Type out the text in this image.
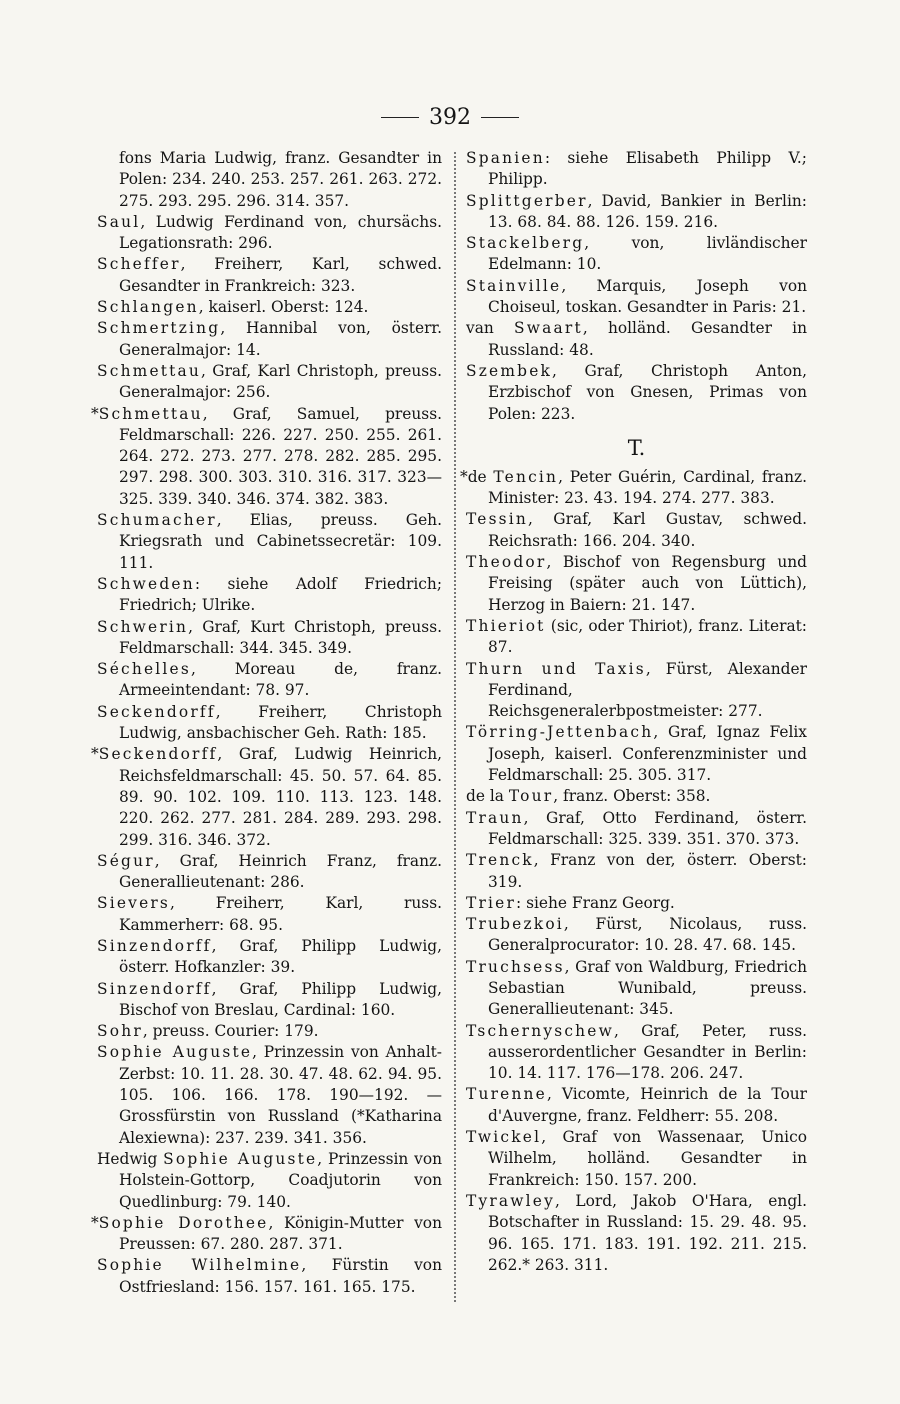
392

fons Maria Ludwig, franz. Gesandter in Polen: 234. 240. 253. 257. 261. 263. 272. 275. 293. 295. 296. 314. 357.

Saul, Ludwig Ferdinand von, chursächs. Legationsrath: 296.

Scheffer, Freiherr, Karl, schwed. Gesandter in Frankreich: 323.

Schlangen, kaiserl. Oberst: 124.

Schmertzing, Hannibal von, österr. Generalmajor: 14.

Schmettau, Graf, Karl Christoph, preuss. Generalmajor: 256.

*Schmettau, Graf, Samuel, preuss. Feldmarschall: 226. 227. 250. 255. 261. 264. 272. 273. 277. 278. 282. 285. 295. 297. 298. 300. 303. 310. 316. 317. 323—325. 339. 340. 346. 374. 382. 383.

Schumacher, Elias, preuss. Geh. Kriegsrath und Cabinetssecretär: 109. 111.

Schweden: siehe Adolf Friedrich; Friedrich; Ulrike.

Schwerin, Graf, Kurt Christoph, preuss. Feldmarschall: 344. 345. 349.

Séchelles, Moreau de, franz. Armeeintendant: 78. 97.

Seckendorff, Freiherr, Christoph Ludwig, ansbachischer Geh. Rath: 185.

*Seckendorff, Graf, Ludwig Heinrich, Reichsfeldmarschall: 45. 50. 57. 64. 85. 89. 90. 102. 109. 110. 113. 123. 148. 220. 262. 277. 281. 284. 289. 293. 298. 299. 316. 346. 372.

Ségur, Graf, Heinrich Franz, franz. Generallieutenant: 286.

Sievers, Freiherr, Karl, russ. Kammerherr: 68. 95.

Sinzendorff, Graf, Philipp Ludwig, österr. Hofkanzler: 39.

Sinzendorff, Graf, Philipp Ludwig, Bischof von Breslau, Cardinal: 160.

Sohr, preuss. Courier: 179.

Sophie Auguste, Prinzessin von Anhalt-Zerbst: 10. 11. 28. 30. 47. 48. 62. 94. 95. 105. 106. 166. 178. 190—192. — Grossfürstin von Russland (*Katharina Alexiewna): 237. 239. 341. 356.

Hedwig Sophie Auguste, Prinzessin von Holstein-Gottorp, Coadjutorin von Quedlinburg: 79. 140.

*Sophie Dorothee, Königin-Mutter von Preussen: 67. 280. 287. 371.

Sophie Wilhelmine, Fürstin von Ostfriesland: 156. 157. 161. 165. 175.

Spanien: siehe Elisabeth Philipp V.; Philipp.

Splittgerber, David, Bankier in Berlin: 13. 68. 84. 88. 126. 159. 216.

Stackelberg, von, livländischer Edelmann: 10.

Stainville, Marquis, Joseph von Choiseul, toskan. Gesandter in Paris: 21.

van Swaart, holländ. Gesandter in Russland: 48.

Szembek, Graf, Christoph Anton, Erzbischof von Gnesen, Primas von Polen: 223.

T.

*de Tencin, Peter Guérin, Cardinal, franz. Minister: 23. 43. 194. 274. 277. 383.

Tessin, Graf, Karl Gustav, schwed. Reichsrath: 166. 204. 340.

Theodor, Bischof von Regensburg und Freising (später auch von Lüttich), Herzog in Baiern: 21. 147.

Thieriot (sic, oder Thiriot), franz. Literat: 87.

Thurn und Taxis, Fürst, Alexander Ferdinand, Reichsgeneralerbpostmeister: 277.

Törring-Jettenbach, Graf, Ignaz Felix Joseph, kaiserl. Conferenzminister und Feldmarschall: 25. 305. 317.

de la Tour, franz. Oberst: 358.

Traun, Graf, Otto Ferdinand, österr. Feldmarschall: 325. 339. 351. 370. 373.

Trenck, Franz von der, österr. Oberst: 319.

Trier: siehe Franz Georg.

Trubezkoi, Fürst, Nicolaus, russ. Generalprocurator: 10. 28. 47. 68. 145.

Truchsess, Graf von Waldburg, Friedrich Sebastian Wunibald, preuss. Generallieutenant: 345.

Tschernyschew, Graf, Peter, russ. ausserordentlicher Gesandter in Berlin: 10. 14. 117. 176—178. 206. 247.

Turenne, Vicomte, Heinrich de la Tour d'Auvergne, franz. Feldherr: 55. 208.

Twickel, Graf von Wassenaar, Unico Wilhelm, holländ. Gesandter in Frankreich: 150. 157. 200.

Tyrawley, Lord, Jakob O'Hara, engl. Botschafter in Russland: 15. 29. 48. 95. 96. 165. 171. 183. 191. 192. 211. 215. 262.* 263. 311.
